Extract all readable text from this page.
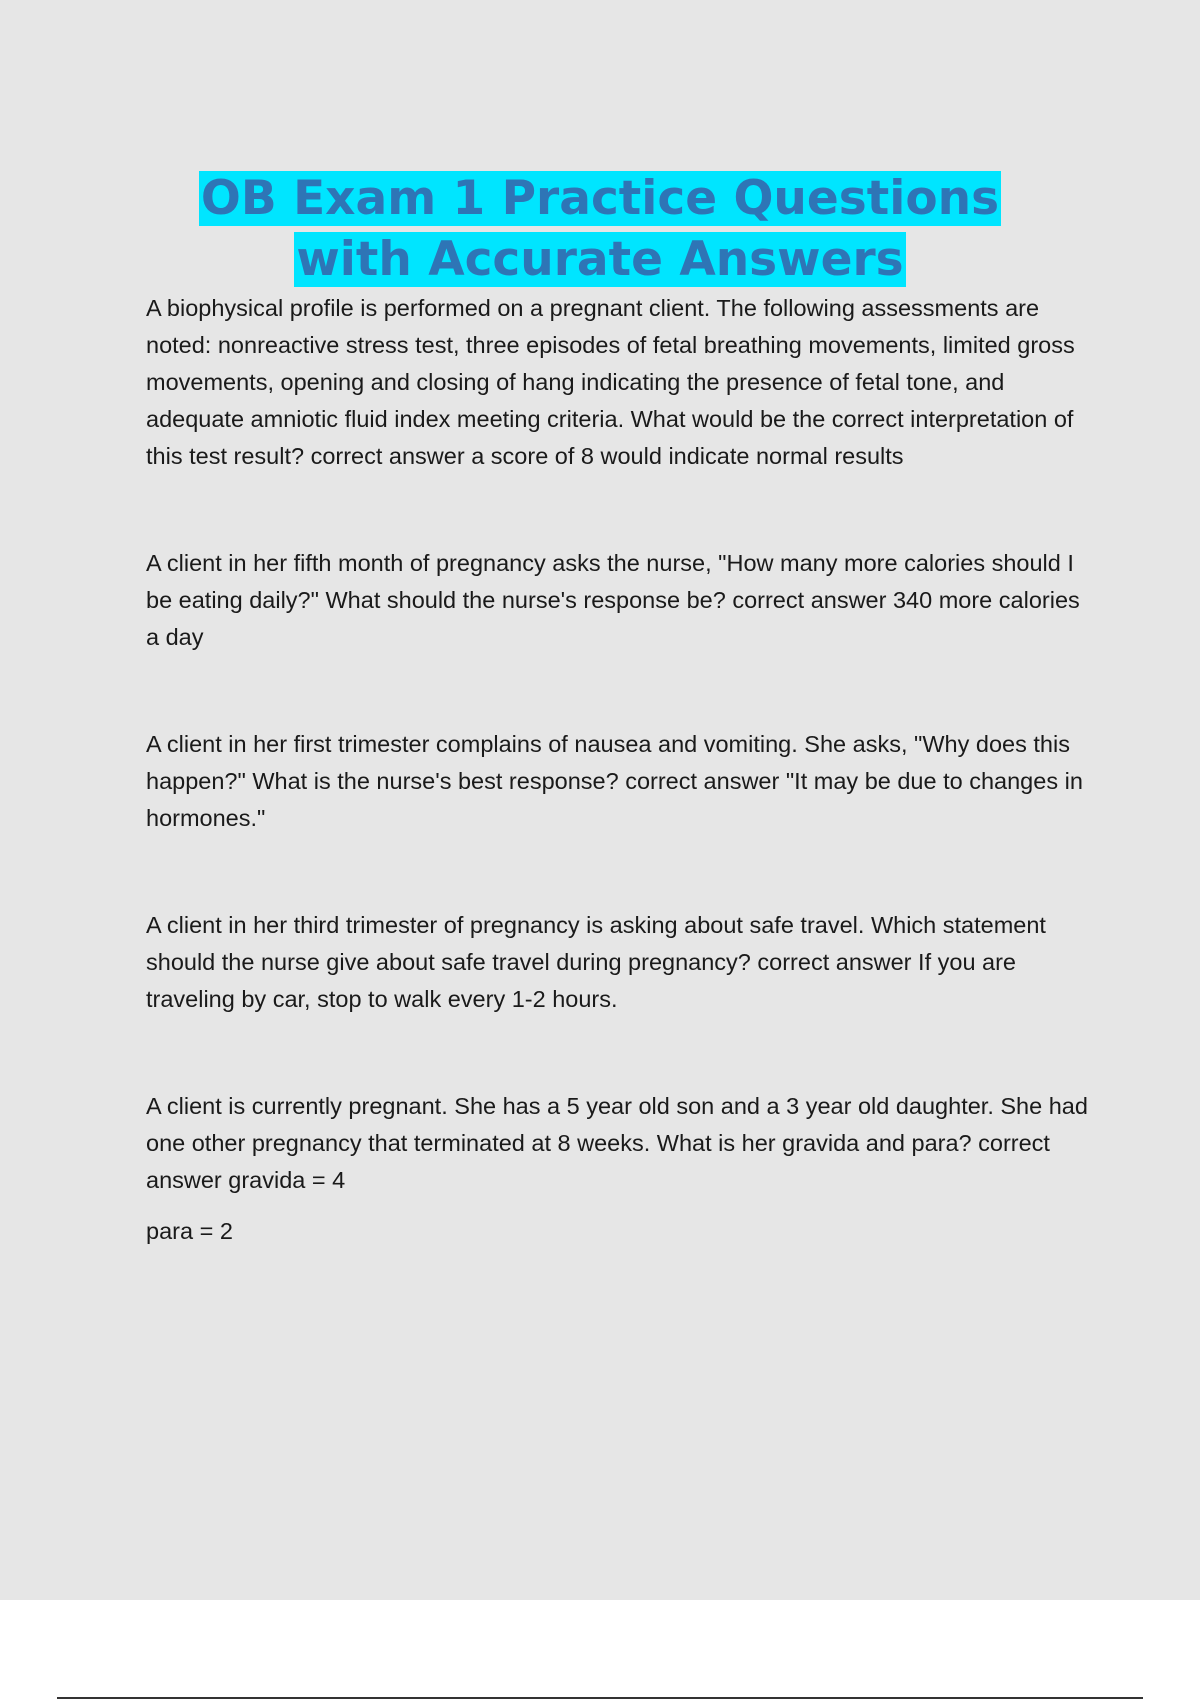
OB Exam 1 Practice Questions
with Accurate Answers

A biophysical profile is performed on a pregnant client. The following assessments are noted: nonreactive stress test, three episodes of fetal breathing movements, limited gross movements, opening and closing of hang indicating the presence of fetal tone, and adequate amniotic fluid index meeting criteria. What would be the correct interpretation of this test result? correct answer a score of 8 would indicate normal results

A client in her fifth month of pregnancy asks the nurse, "How many more calories should I be eating daily?" What should the nurse's response be? correct answer 340 more calories a day

A client in her first trimester complains of nausea and vomiting. She asks, "Why does this happen?" What is the nurse's best response? correct answer "It may be due to changes in hormones."

A client in her third trimester of pregnancy is asking about safe travel. Which statement should the nurse give about safe travel during pregnancy? correct answer If you are traveling by car, stop to walk every 1-2 hours.

A client is currently pregnant. She has a 5 year old son and a 3 year old daughter. She had one other pregnancy that terminated at 8 weeks. What is her gravida and para? correct answer gravida = 4

para = 2
